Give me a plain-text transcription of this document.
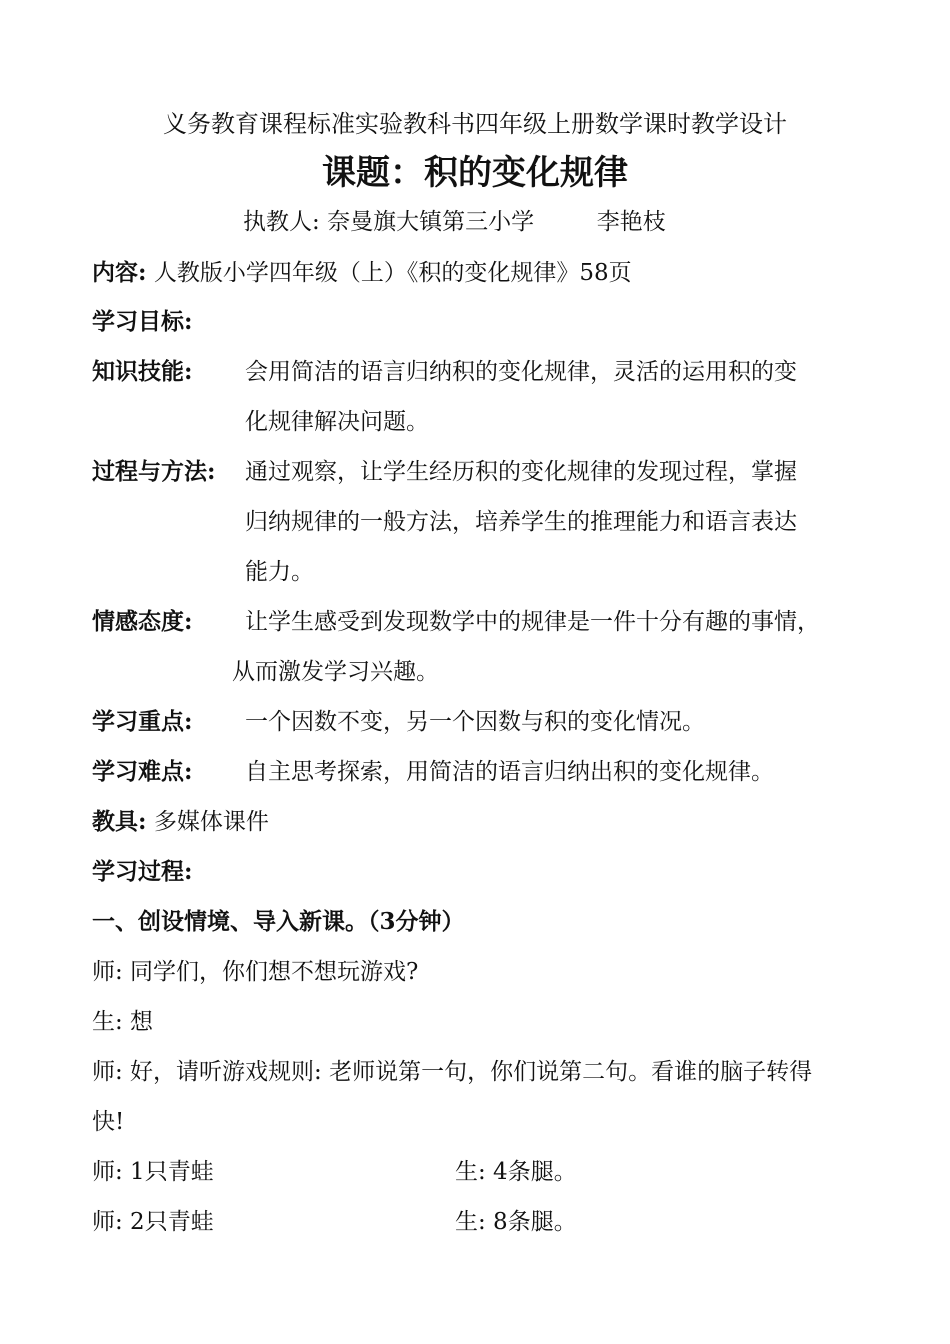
义务教育课程标准实验教科书四年级上册数学课时教学设计
课题：积的变化规律
执教人: 奈曼旗大镇第三小学	李艳枝
内容: 人教版小学四年级（上）《积的变化规律》58页
学习目标:
知识技能: 会用简洁的语言归纳积的变化规律，灵活的运用积的变
化规律解决问题。
过程与方法: 通过观察，让学生经历积的变化规律的发现过程，掌握
归纳规律的一般方法，培养学生的推理能力和语言表达
能力。
情感态度: 让学生感受到发现数学中的规律是一件十分有趣的事情，
从而激发学习兴趣。
学习重点: 一个因数不变，另一个因数与积的变化情况。
学习难点: 自主思考探索，用简洁的语言归纳出积的变化规律。
教具: 多媒体课件
学习过程:
一、创设情境、导入新课。（3分钟）
师: 同学们，你们想不想玩游戏?
生: 想
师: 好，请听游戏规则: 老师说第一句，你们说第二句。看谁的脑子转得
快!
师: 1只青蛙	生: 4条腿。
师: 2只青蛙	生: 8条腿。
